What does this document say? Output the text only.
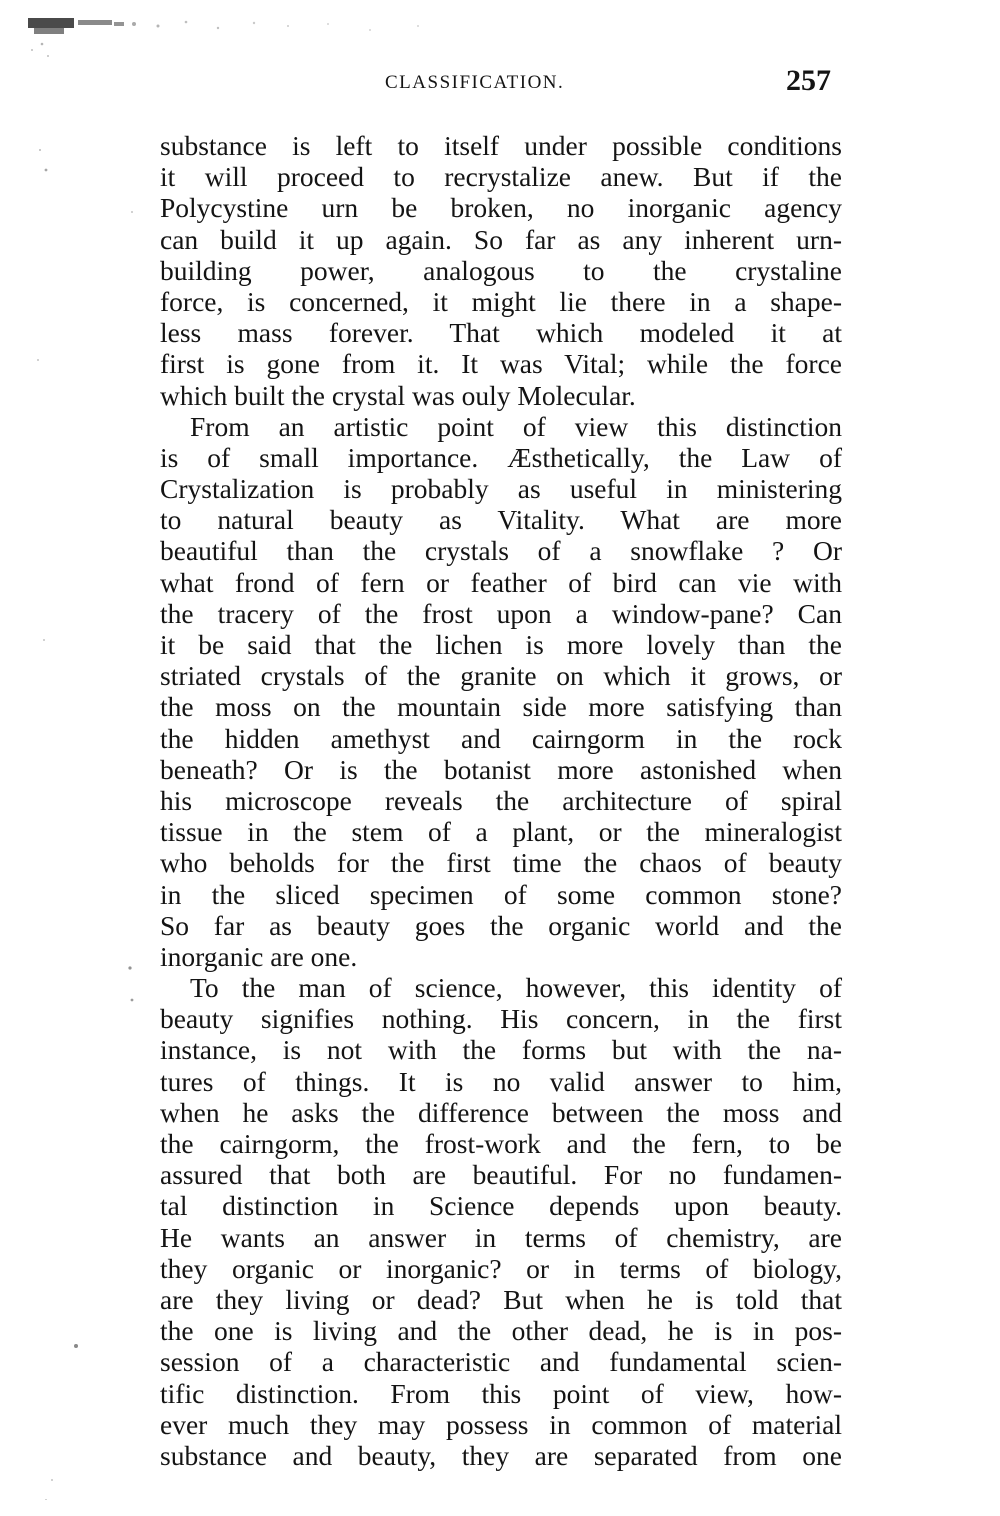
CLASSIFICATION.	257
substance is left to itself under possible conditions
it will proceed to recrystalize anew. But if the
Polycystine urn be broken, no inorganic agency
can build it up again. So far as any inherent urn-
building power, analogous to the crystaline
force, is concerned, it might lie there in a shape-
less mass forever. That which modeled it at
first is gone from it. It was Vital; while the force
which built the crystal was ouly Molecular.
From an artistic point of view this distinction
is of small importance. Æsthetically, the Law of
Crystalization is probably as useful in ministering
to natural beauty as Vitality. What are more
beautiful than the crystals of a snowflake ? Or
what frond of fern or feather of bird can vie with
the tracery of the frost upon a window-pane? Can
it be said that the lichen is more lovely than the
striated crystals of the granite on which it grows, or
the moss on the mountain side more satisfying than
the hidden amethyst and cairngorm in the rock
beneath? Or is the botanist more astonished when
his microscope reveals the architecture of spiral
tissue in the stem of a plant, or the mineralogist
who beholds for the first time the chaos of beauty
in the sliced specimen of some common stone?
So far as beauty goes the organic world and the
inorganic are one.
To the man of science, however, this identity of
beauty signifies nothing. His concern, in the first
instance, is not with the forms but with the na-
tures of things. It is no valid answer to him,
when he asks the difference between the moss and
the cairngorm, the frost-work and the fern, to be
assured that both are beautiful. For no fundamen-
tal distinction in Science depends upon beauty.
He wants an answer in terms of chemistry, are
they organic or inorganic? or in terms of biology,
are they living or dead? But when he is told that
the one is living and the other dead, he is in pos-
session of a characteristic and fundamental scien-
tific distinction. From this point of view, how-
ever much they may possess in common of material
substance and beauty, they are separated from one
